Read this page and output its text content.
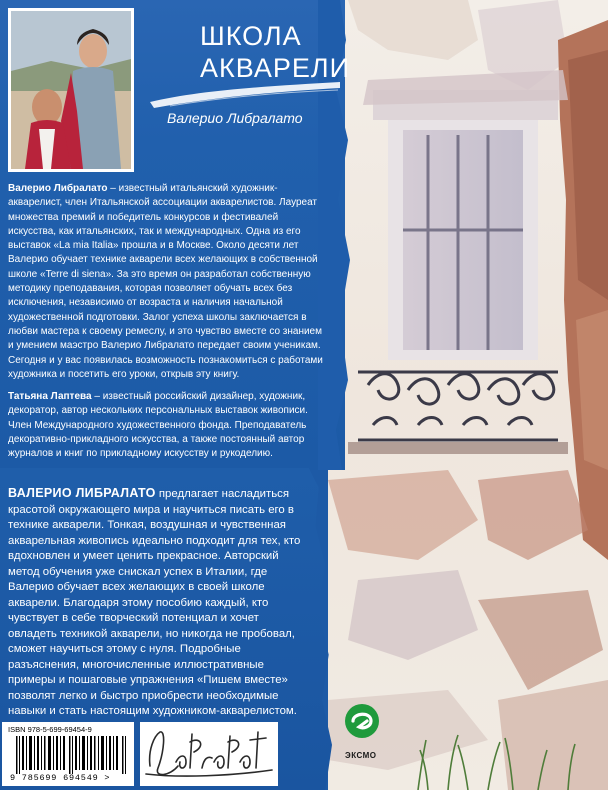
ШКОЛА
АКВАРЕЛИ
Валерио Либралато
Валерио Либралато – известный итальянский художник-акварелист, член Итальянской ассоциации акварелистов. Лауреат множества премий и победитель конкурсов и фестивалей искусства, как итальянских, так и международных. Одна из его выставок «La mia Italia» прошла и в Москве. Около десяти лет Валерио обучает технике акварели всех желающих в собственной школе «Terre di siena». За это время он разработал собственную методику преподавания, которая позволяет обучать всех без исключения, независимо от возраста и наличия начальной художественной подготовки. Залог успеха школы заключается в любви мастера к своему ремеслу, и это чувство вместе со знанием и умением маэстро Валерио Либралато передает своим ученикам. Сегодня и у вас появилась возможность познакомиться с работами художника и посетить его уроки, открыв эту книгу.
Татьяна Лаптева – известный российский дизайнер, художник, декоратор, автор нескольких персональных выставок живописи. Член Международного художественного фонда. Преподаватель декоративно-прикладного искусства, а также постоянный автор журналов и книг по прикладному искусству и рукоделию.
ВАЛЕРИО ЛИБРАЛАТО предлагает насладиться красотой окружающего мира и научиться писать его в технике акварели. Тонкая, воздушная и чувственная акварельная живопись идеально подходит для тех, кто вдохновлен и умеет ценить прекрасное. Авторский метод обучения уже снискал успех в Италии, где Валерио обучает всех желающих в своей школе акварели. Благодаря этому пособию каждый, кто чувствует в себе творческий потенциал и хочет овладеть техникой акварели, но никогда не пробовал, сможет научиться этому с нуля. Подробные разъяснения, многочисленные иллюстративные примеры и пошаговые упражнения «Пишем вместе» позволят легко и быстро приобрести необходимые навыки и стать настоящим художником-акварелистом.
ISBN 978-5-699-69454-9
9 785699 694549 >
ЭКСМО
